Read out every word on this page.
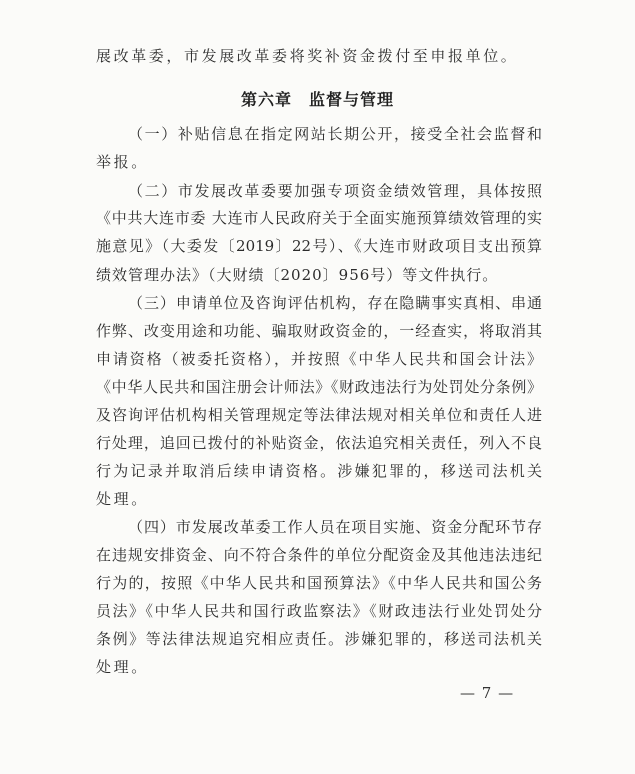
展改革委，市发展改革委将奖补资金拨付至申报单位。
第六章　监督与管理
（一）补贴信息在指定网站长期公开，接受全社会监督和
举报。
（二）市发展改革委要加强专项资金绩效管理，具体按照
《中共大连市委 大连市人民政府关于全面实施预算绩效管理的实
施意见》（大委发〔2019〕22号）、《大连市财政项目支出预算
绩效管理办法》（大财绩〔2020〕956号）等文件执行。
（三）申请单位及咨询评估机构，存在隐瞒事实真相、串通
作弊、改变用途和功能、骗取财政资金的，一经查实，将取消其
申请资格（被委托资格），并按照《中华人民共和国会计法》
《中华人民共和国注册会计师法》《财政违法行为处罚处分条例》
及咨询评估机构相关管理规定等法律法规对相关单位和责任人进
行处理，追回已拨付的补贴资金，依法追究相关责任，列入不良
行为记录并取消后续申请资格。涉嫌犯罪的，移送司法机关
处理。
（四）市发展改革委工作人员在项目实施、资金分配环节存
在违规安排资金、向不符合条件的单位分配资金及其他违法违纪
行为的，按照《中华人民共和国预算法》《中华人民共和国公务
员法》《中华人民共和国行政监察法》《财政违法行业处罚处分
条例》等法律法规追究相应责任。涉嫌犯罪的，移送司法机关
处理。
— 7 —
